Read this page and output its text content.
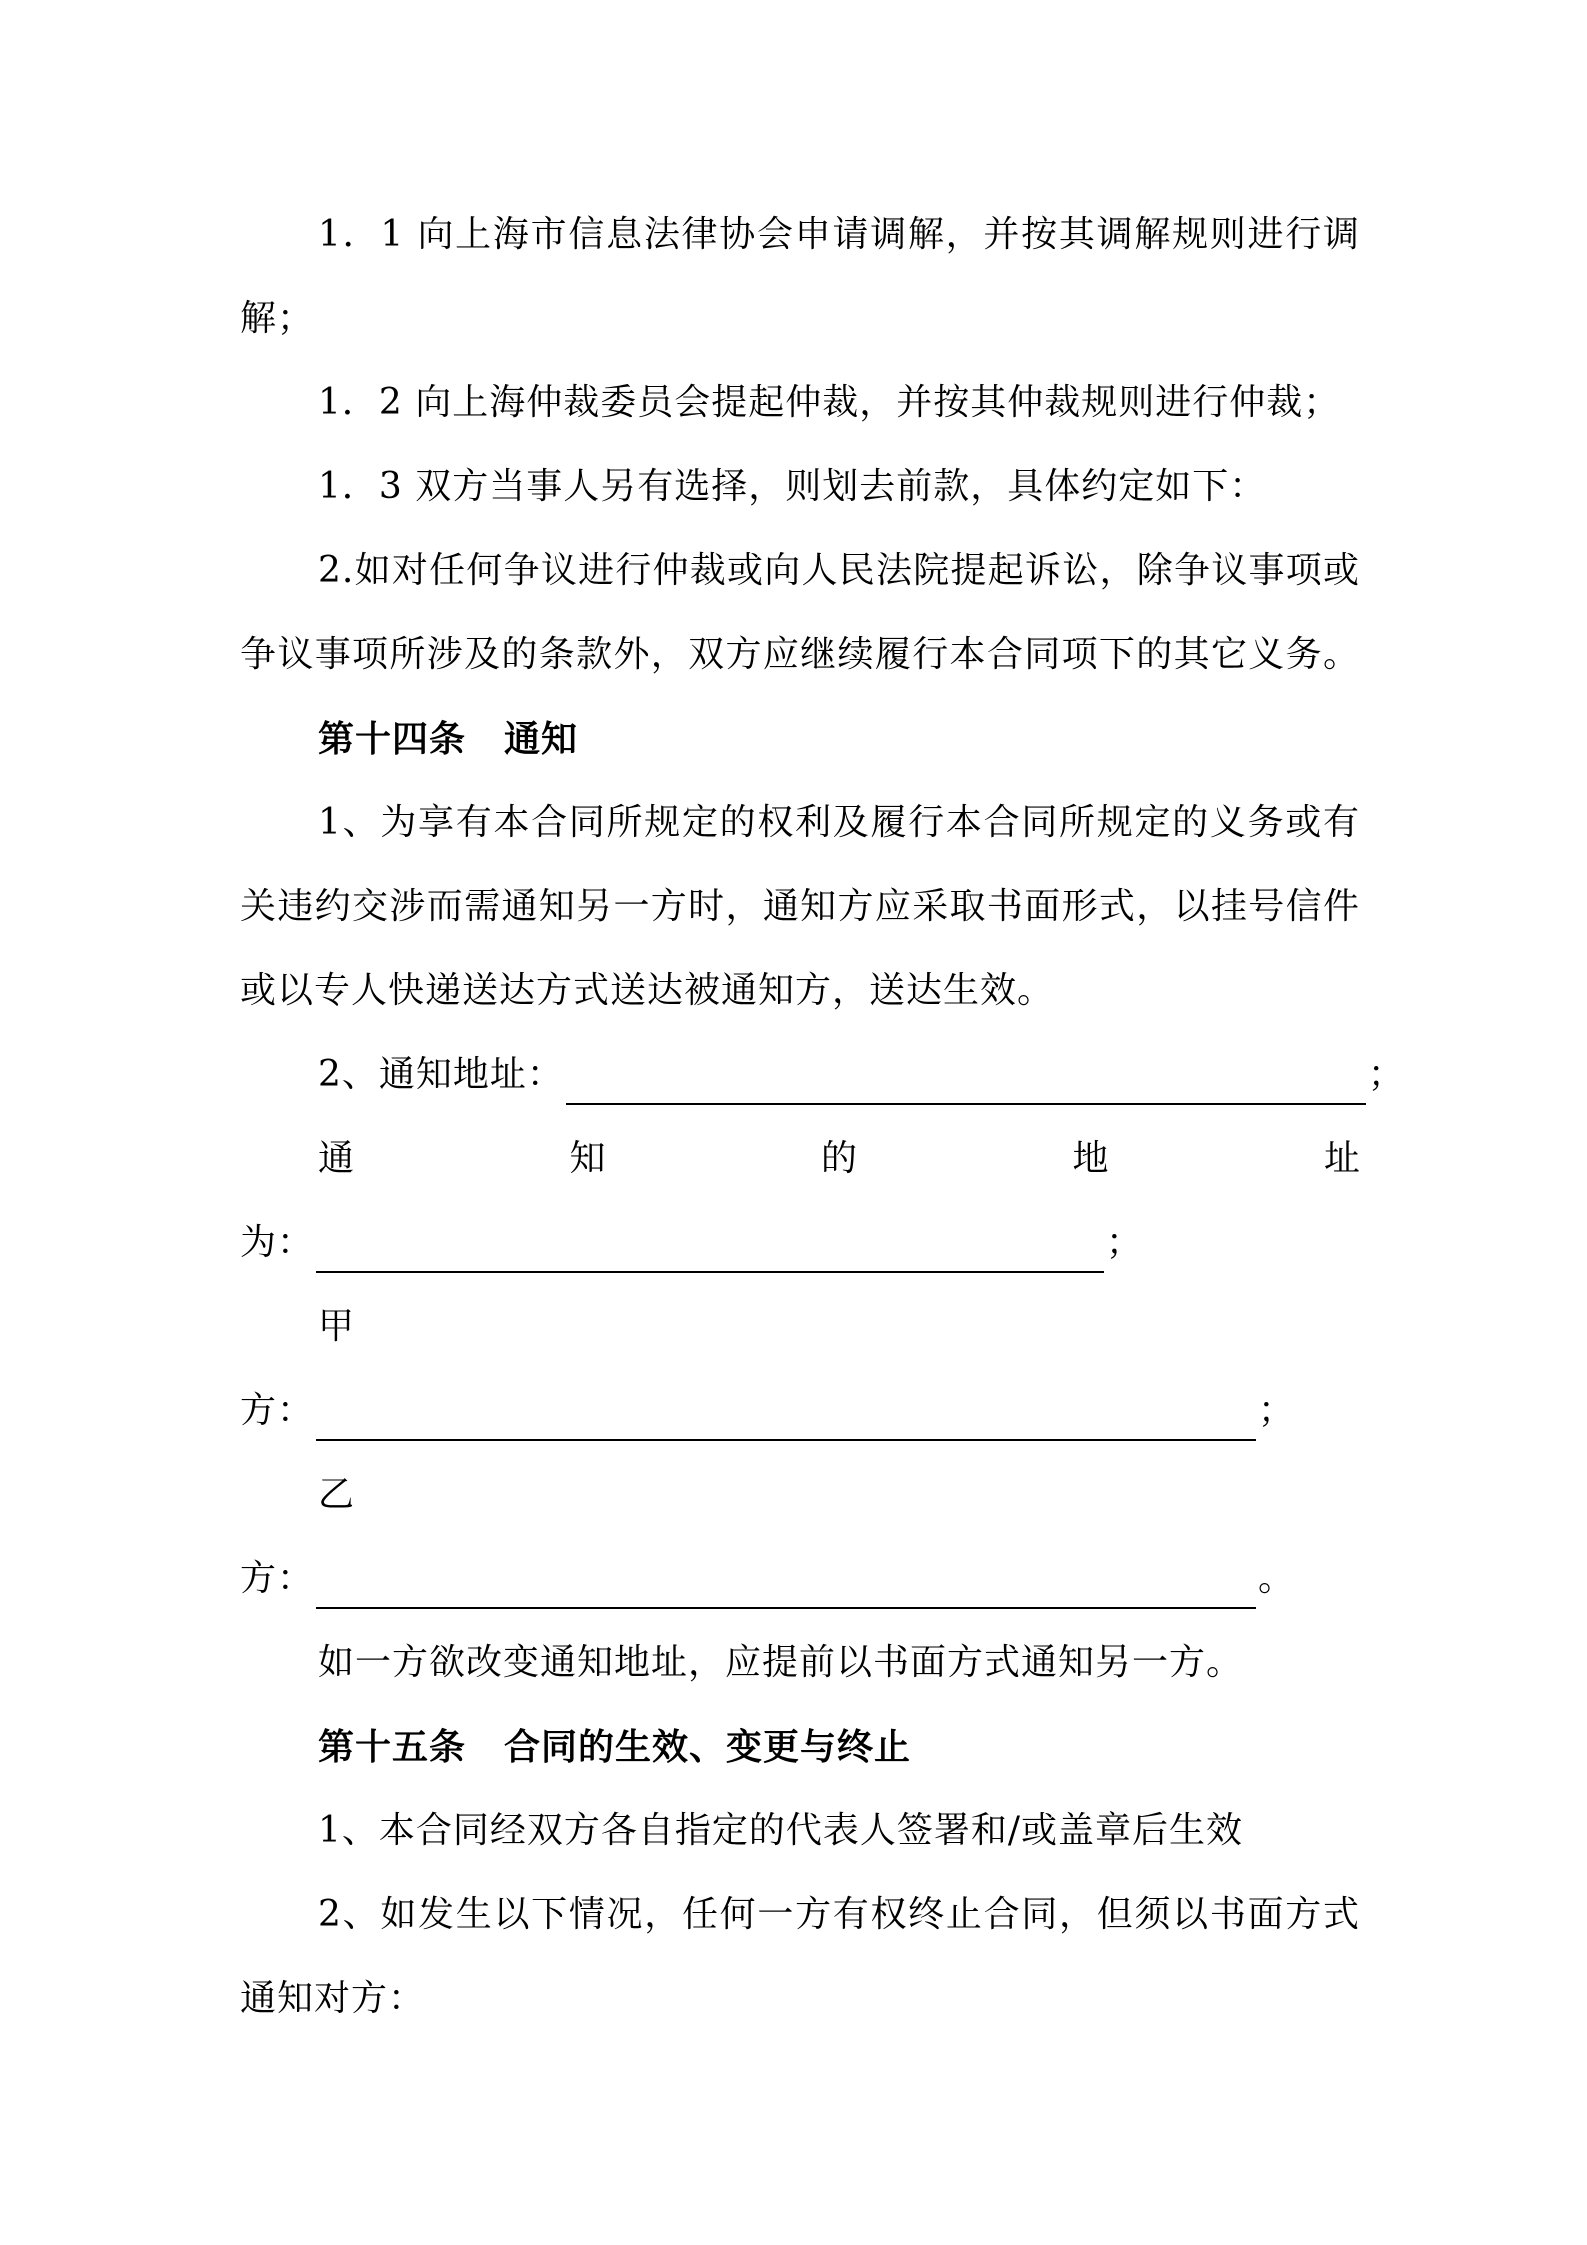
1．1 向上海市信息法律协会申请调解，并按其调解规则进行调
解；
1．2 向上海仲裁委员会提起仲裁，并按其仲裁规则进行仲裁；
1．3 双方当事人另有选择，则划去前款，具体约定如下：
2.如对任何争议进行仲裁或向人民法院提起诉讼，除争议事项或
争议事项所涉及的条款外，双方应继续履行本合同项下的其它义务。
第十四条 通知
1、为享有本合同所规定的权利及履行本合同所规定的义务或有
关违约交涉而需通知另一方时，通知方应采取书面形式，以挂号信件
或以专人快递送达方式送达被通知方，送达生效。
2、通知地址：	；
通	知	的	地	址
为：	；
甲
方：	；
乙
方：	。
如一方欲改变通知地址，应提前以书面方式通知另一方。
第十五条 合同的生效、变更与终止
1、本合同经双方各自指定的代表人签署和/或盖章后生效
2、如发生以下情况，任何一方有权终止合同，但须以书面方式
通知对方：
